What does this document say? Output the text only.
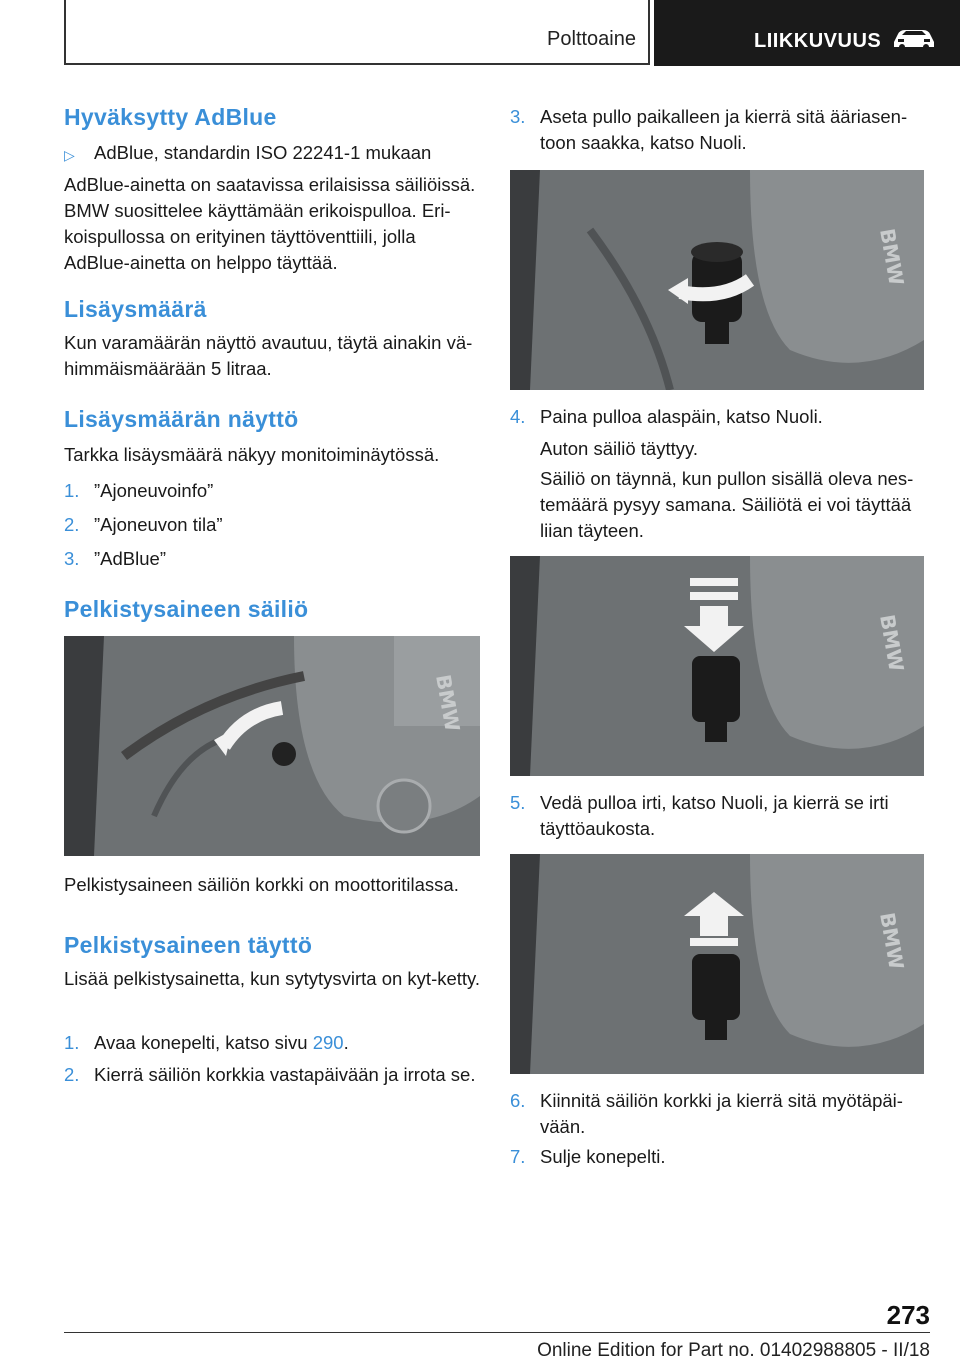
Polttoaine	LIIKKUVUUS
Hyväksytty AdBlue
▷ AdBlue, standardin ISO 22241-1 mukaan

AdBlue-ainetta on saatavissa erilaisissa säiliöissä. BMW suosittelee käyttämään erikoispulloa. Eri-koispullossa on erityinen täyttöventtiili, jolla AdBlue-ainetta on helppo täyttää.

Lisäysmäärä

Kun varamäärän näyttö avautuu, täytä ainakin vä-himmäismäärään 5 litraa.

Lisäysmäärän näyttö

Tarkka lisäysmäärä näkyy monitoiminäytössä.

1. ”Ajoneuvoinfo”
2. ”Ajoneuvon tila”
3. ”AdBlue”
Pelkistysaineen säiliö
BMW

Pelkistysaineen säiliön korkki on moottoritilassa.

Pelkistysaineen täyttö

Lisää pelkistysainetta, kun sytytysvirta on kyt-ketty.

1. Avaa konepelti, katso sivu 290.
2. Kierrä säiliön korkkia vastapäivään ja irrota se.
3. Aseta pullo paikalleen ja kierrä sitä ääriasen-toon saakka, katso Nuoli.
BMW
4. Paina pulloa alaspäin, katso Nuoli.

Auton säiliö täyttyy.

Säiliö on täynnä, kun pullon sisällä oleva nes-temäärä pysyy samana. Säiliötä ei voi täyttää liian täyteen.

BMW
5. Vedä pulloa irti, katso Nuoli, ja kierrä se irti täyttöaukosta.
BMW
6. Kiinnitä säiliön korkki ja kierrä sitä myötäpäi-vään.
7. Sulje konepelti.
273
Online Edition for Part no. 01402988805 - II/18
